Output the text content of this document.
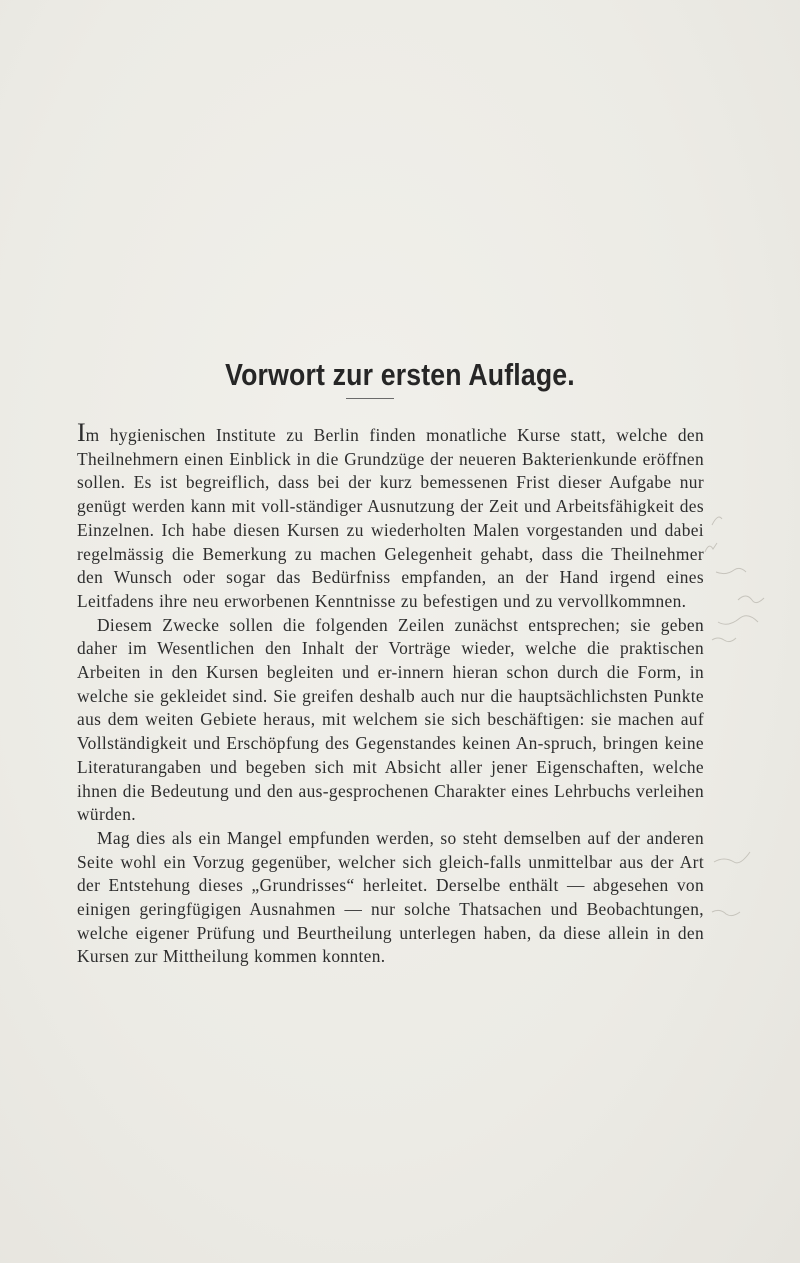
Vorwort zur ersten Auflage.

Im hygienischen Institute zu Berlin finden monatliche Kurse statt, welche den Theilnehmern einen Einblick in die Grundzüge der neueren Bakterienkunde eröffnen sollen. Es ist begreiflich, dass bei der kurz bemessenen Frist dieser Aufgabe nur genügt werden kann mit voll-ständiger Ausnutzung der Zeit und Arbeitsfähigkeit des Einzelnen. Ich habe diesen Kursen zu wiederholten Malen vorgestanden und dabei regelmässig die Bemerkung zu machen Gelegenheit gehabt, dass die Theilnehmer den Wunsch oder sogar das Bedürfniss empfanden, an der Hand irgend eines Leitfadens ihre neu erworbenen Kenntnisse zu befestigen und zu vervollkommnen.

Diesem Zwecke sollen die folgenden Zeilen zunächst entsprechen; sie geben daher im Wesentlichen den Inhalt der Vorträge wieder, welche die praktischen Arbeiten in den Kursen begleiten und er-innern hieran schon durch die Form, in welche sie gekleidet sind. Sie greifen deshalb auch nur die hauptsächlichsten Punkte aus dem weiten Gebiete heraus, mit welchem sie sich beschäftigen: sie machen auf Vollständigkeit und Erschöpfung des Gegenstandes keinen An-spruch, bringen keine Literaturangaben und begeben sich mit Absicht aller jener Eigenschaften, welche ihnen die Bedeutung und den aus-gesprochenen Charakter eines Lehrbuchs verleihen würden.

Mag dies als ein Mangel empfunden werden, so steht demselben auf der anderen Seite wohl ein Vorzug gegenüber, welcher sich gleich-falls unmittelbar aus der Art der Entstehung dieses „Grundrisses“ herleitet. Derselbe enthält — abgesehen von einigen geringfügigen Ausnahmen — nur solche Thatsachen und Beobachtungen, welche eigener Prüfung und Beurtheilung unterlegen haben, da diese allein in den Kursen zur Mittheilung kommen konnten.
